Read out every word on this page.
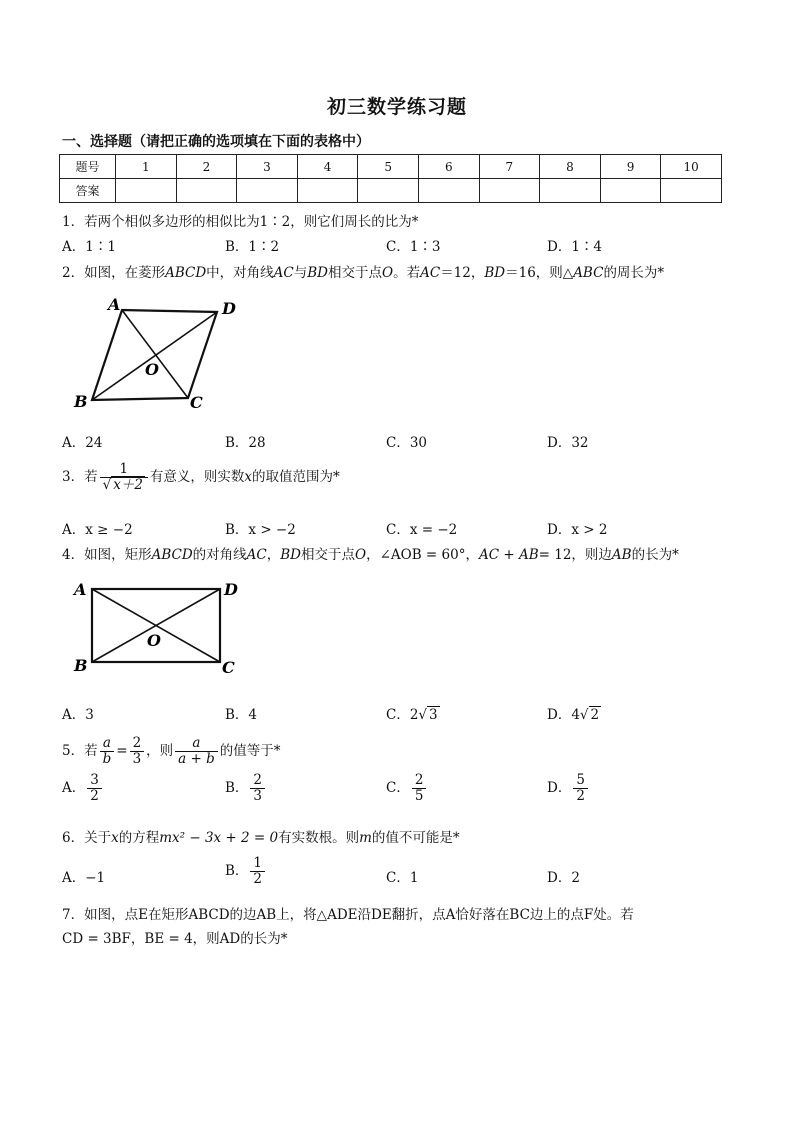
初三数学练习题
一、选择题（请把正确的选项填在下面的表格中）
题号	1	2	3	4	5	6	7	8	9	10
答案										
1．若两个相似多边形的相似比为1∶2，则它们周长的比为*
A．1∶1	B．1∶2	C．1∶3	D．1∶4
2．如图，在菱形ABCD中，对角线AC与BD相交于点O。若AC＝12，BD＝16，则△ABC的周长为*
A	D
B	C
O
A．24	B．28	C．30	D．32
3．若 $\frac{1}{√ x+2}$ 有意义，则实数x的取值范围为*
A．x ≥ −2	B．x > −2	C．x = −2	D．x > 2
4．如图，矩形ABCD的对角线AC，BD相交于点O，∠AOB = 60°，AC + AB= 12，则边AB的长为*
A	D
B	C
O
A．3	B．4	C．2√ 3	D．4√ 2
5．若 $\frac{a}{b} = \frac{2}{3}$ ，则 $\frac{a}{a + b}$ 的值等于*
A． $\frac{3}{2}$	B． $\frac{2}{3}$	C． $\frac{2}{5}$	D． $\frac{5}{2}$
6．关于x的方程mx² − 3x + 2 = 0有实数根。则m的值不可能是*
A．−1	B． $\frac{1}{2}$	C．1	D．2
7．如图，点E在矩形ABCD的边AB上，将△ADE沿DE翻折，点A恰好落在BC边上的点F处。若
CD = 3BF，BE = 4，则AD的长为*
